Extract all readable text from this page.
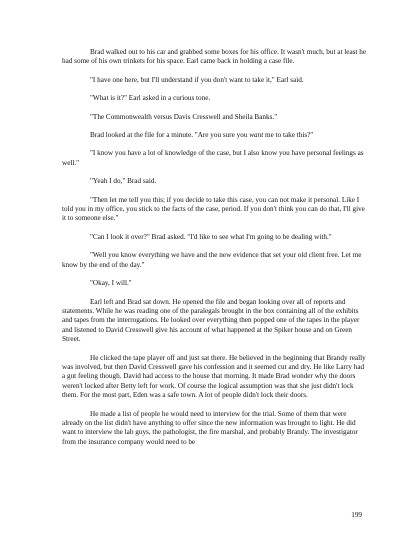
Brad walked out to his car and grabbed some boxes for his office. It wasn't much, but at least he had some of his own trinkets for his space. Earl came back in holding a case file.

"I have one here, but I'll understand if you don't want to take it," Earl said.

"What is it?" Earl asked in a curious tone.

"The Commonwealth versus Davis Cresswell and Sheila Banks."

Brad looked at the file for a minute. "Are you sure you want me to take this?"

"I know you have a lot of knowledge of the case, but I also know you have personal feelings as well."

"Yeah I do," Brad said.

"Then let me tell you this; if you decide to take this case, you can not make it personal. Like I told you in my office, you stick to the facts of the case, period. If you don't think you can do that, I'll give it to someone else."

"Can I look it over?" Brad asked. "I'd like to see what I'm going to be dealing with."

"Well you know everything we have and the new evidence that set your old client free. Let me know by the end of the day."

"Okay, I will."

Earl left and Brad sat down. He opened the file and began looking over all of reports and statements. While he was reading one of the paralegals brought in the box containing all of the exhibits and tapes from the interrogations. He looked over everything then popped one of the tapes in the player and listened to David Cresswell give his account of what happened at the Spiker house and on Green Street.

He clicked the tape player off and just sat there. He believed in the beginning that Brandy really was involved, but then David Cresswell gave his confession and it seemed cut and dry. He like Larry had a gut feeling though. David had access to the house that morning. It made Brad wonder why the doors weren't locked after Betty left for work. Of course the logical assumption was that she just didn't lock them. For the most part, Eden was a safe town. A lot of people didn't lock their doors.

He made a list of people he would need to interview for the trial. Some of them that were already on the list didn't have anything to offer since the new information was brought to light. He did want to interview the lab guys, the pathologist, the fire marshal, and probably Brandy. The investigator from the insurance company would need to be

199
